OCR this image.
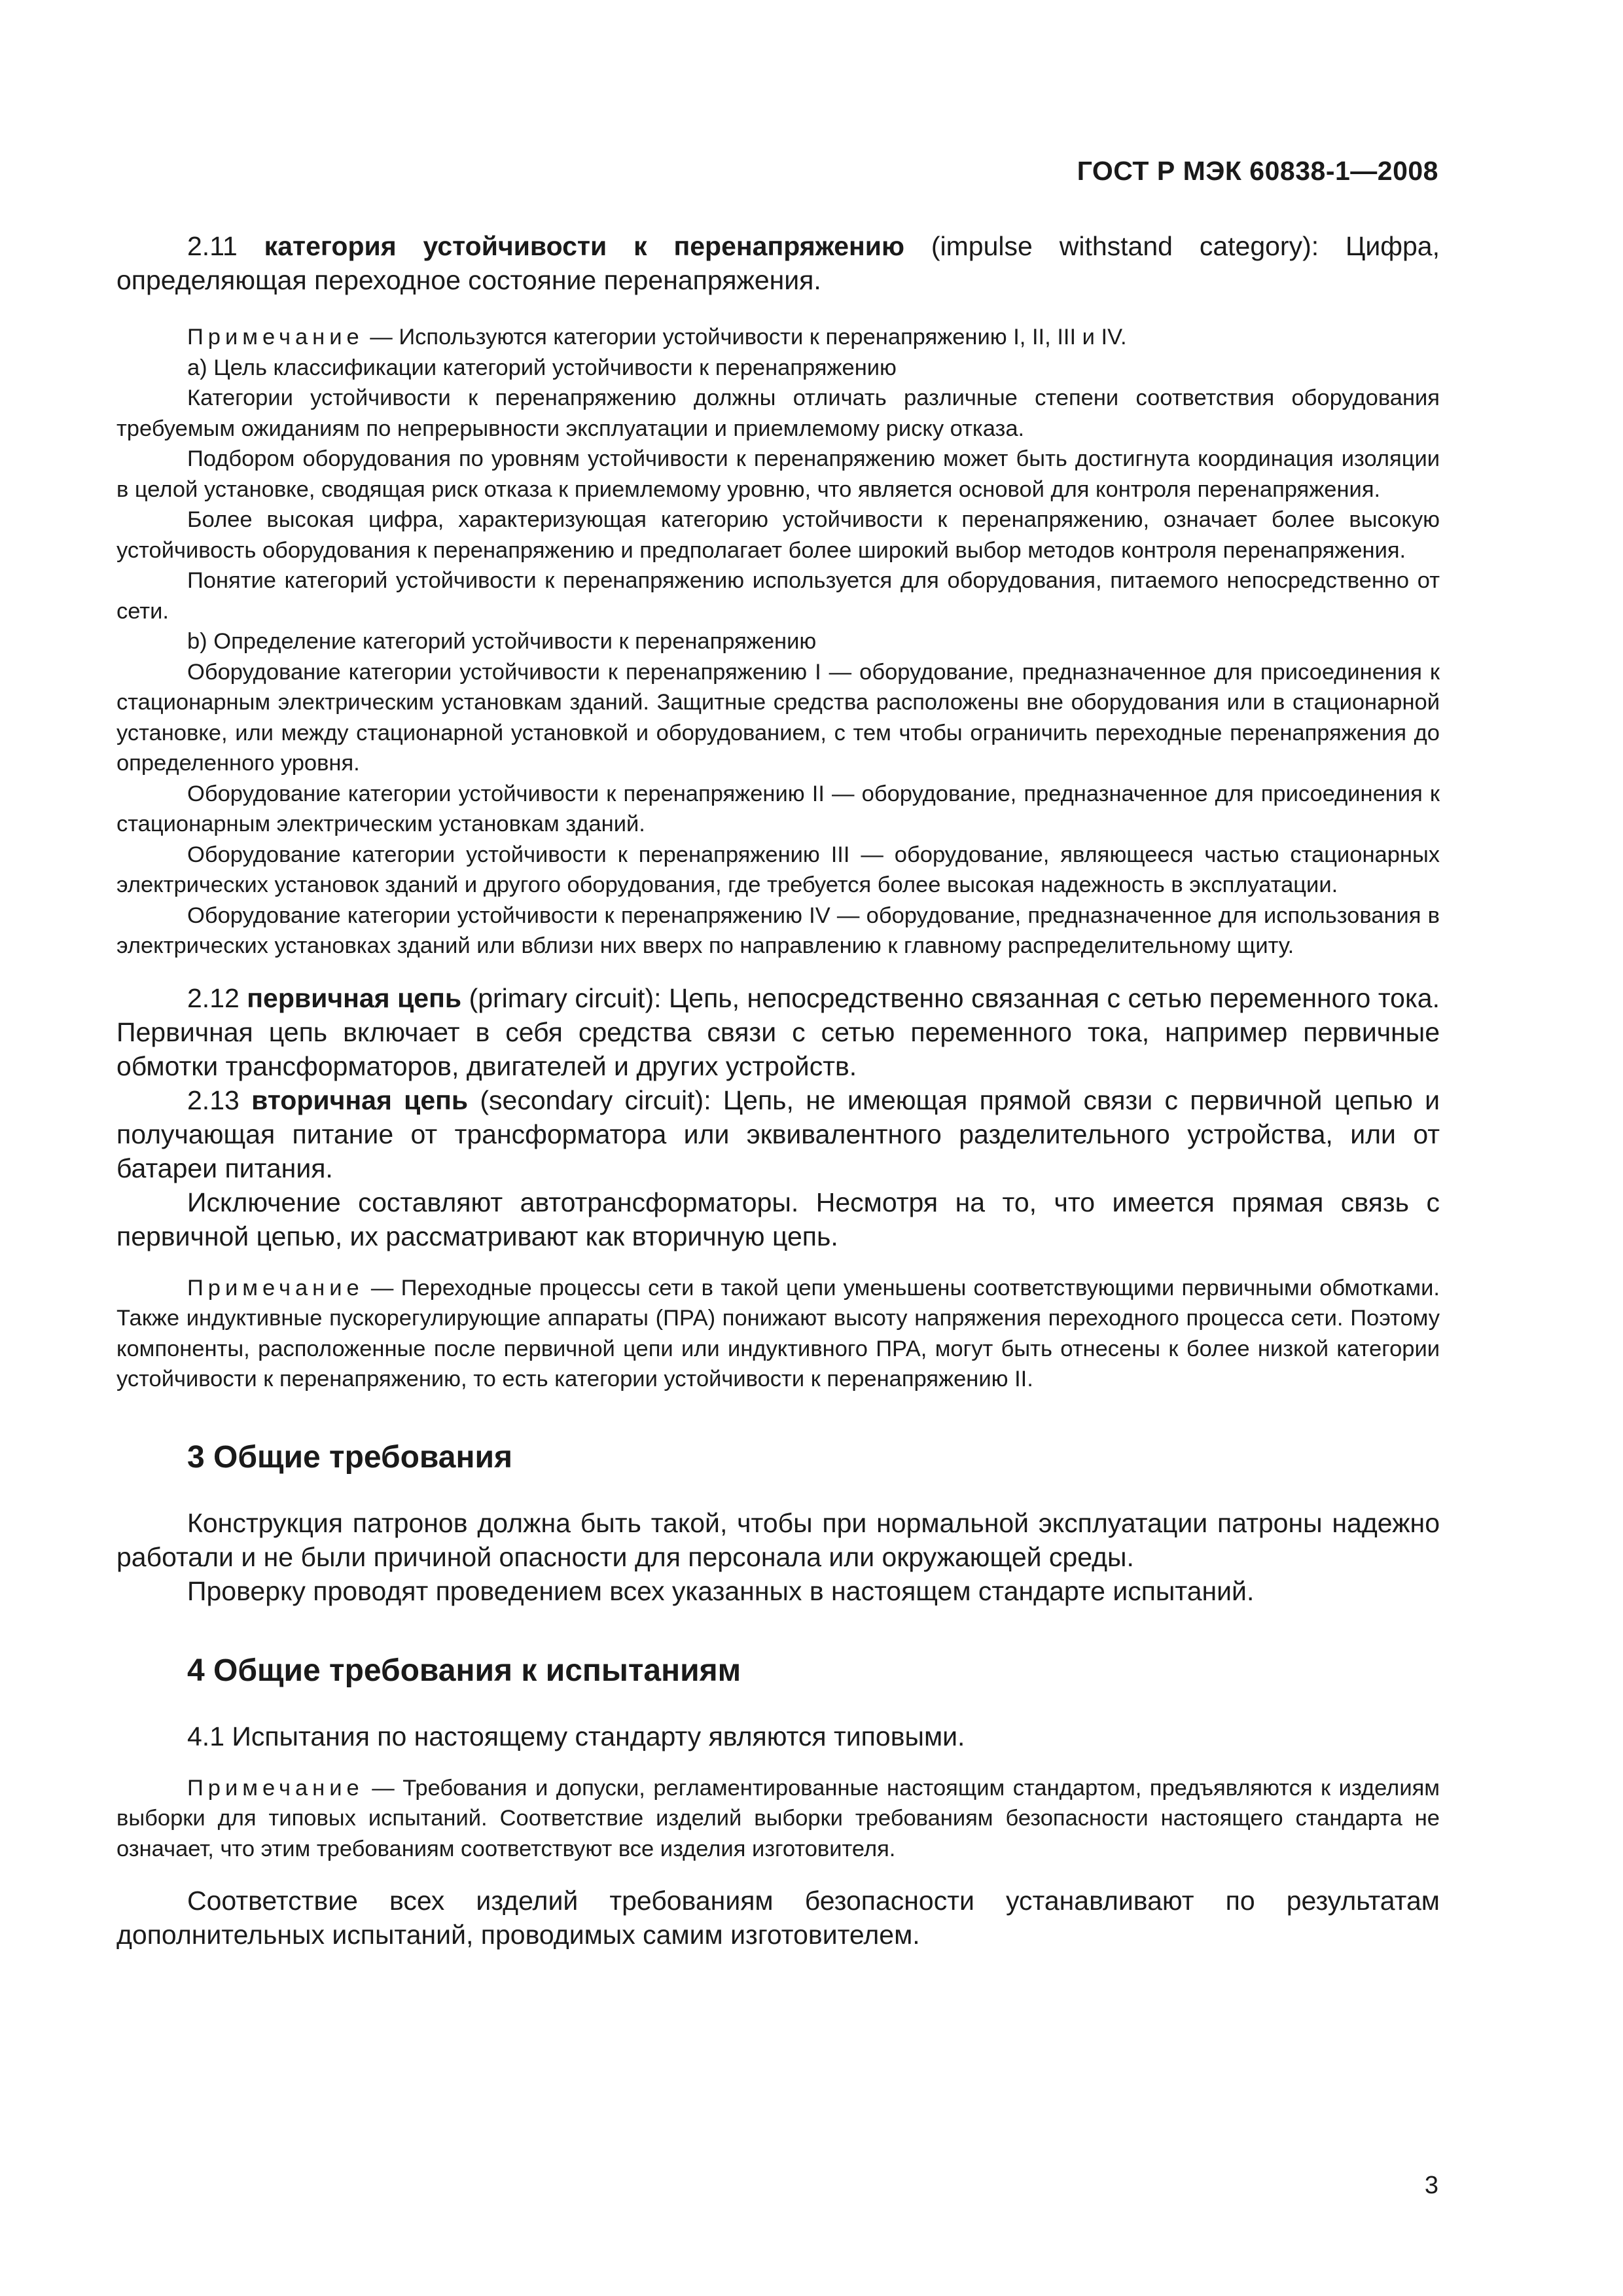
ГОСТ Р МЭК 60838-1—2008

2.11 категория устойчивости к перенапряжению (impulse withstand category): Цифра, определяющая переходное состояние перенапряжения.

Примечание — Используются категории устойчивости к перенапряжению I, II, III и IV.

a) Цель классификации категорий устойчивости к перенапряжению

Категории устойчивости к перенапряжению должны отличать различные степени соответствия оборудования требуемым ожиданиям по непрерывности эксплуатации и приемлемому риску отказа.

Подбором оборудования по уровням устойчивости к перенапряжению может быть достигнута координация изоляции в целой установке, сводящая риск отказа к приемлемому уровню, что является основой для контроля перенапряжения.

Более высокая цифра, характеризующая категорию устойчивости к перенапряжению, означает более высокую устойчивость оборудования к перенапряжению и предполагает более широкий выбор методов контроля перенапряжения.

Понятие категорий устойчивости к перенапряжению используется для оборудования, питаемого непосредственно от сети.

b) Определение категорий устойчивости к перенапряжению

Оборудование категории устойчивости к перенапряжению I — оборудование, предназначенное для присоединения к стационарным электрическим установкам зданий. Защитные средства расположены вне оборудования или в стационарной установке, или между стационарной установкой и оборудованием, с тем чтобы ограничить переходные перенапряжения до определенного уровня.

Оборудование категории устойчивости к перенапряжению II — оборудование, предназначенное для присоединения к стационарным электрическим установкам зданий.

Оборудование категории устойчивости к перенапряжению III — оборудование, являющееся частью стационарных электрических установок зданий и другого оборудования, где требуется более высокая надежность в эксплуатации.

Оборудование категории устойчивости к перенапряжению IV — оборудование, предназначенное для использования в электрических установках зданий или вблизи них вверх по направлению к главному распределительному щиту.

2.12 первичная цепь (primary circuit): Цепь, непосредственно связанная с сетью переменного тока. Первичная цепь включает в себя средства связи с сетью переменного тока, например первичные обмотки трансформаторов, двигателей и других устройств.

2.13 вторичная цепь (secondary circuit): Цепь, не имеющая прямой связи с первичной цепью и получающая питание от трансформатора или эквивалентного разделительного устройства, или от батареи питания.

Исключение составляют автотрансформаторы. Несмотря на то, что имеется прямая связь с первичной цепью, их рассматривают как вторичную цепь.

Примечание — Переходные процессы сети в такой цепи уменьшены соответствующими первичными обмотками. Также индуктивные пускорегулирующие аппараты (ПРА) понижают высоту напряжения переходного процесса сети. Поэтому компоненты, расположенные после первичной цепи или индуктивного ПРА, могут быть отнесены к более низкой категории устойчивости к перенапряжению, то есть категории устойчивости к перенапряжению II.

3 Общие требования

Конструкция патронов должна быть такой, чтобы при нормальной эксплуатации патроны надежно работали и не были причиной опасности для персонала или окружающей среды.

Проверку проводят проведением всех указанных в настоящем стандарте испытаний.

4 Общие требования к испытаниям

4.1 Испытания по настоящему стандарту являются типовыми.

Примечание — Требования и допуски, регламентированные настоящим стандартом, предъявляются к изделиям выборки для типовых испытаний. Соответствие изделий выборки требованиям безопасности настоящего стандарта не означает, что этим требованиям соответствуют все изделия изготовителя.

Соответствие всех изделий требованиям безопасности устанавливают по результатам дополнительных испытаний, проводимых самим изготовителем.

3
